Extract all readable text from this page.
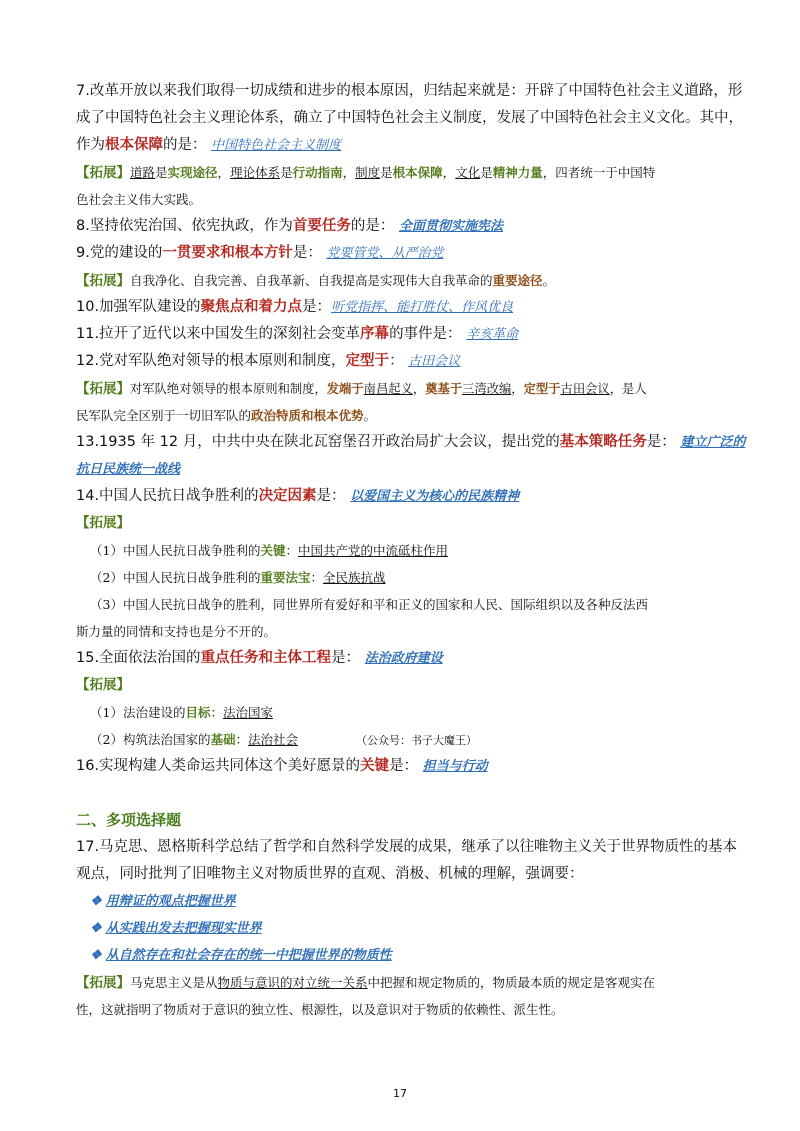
7.改革开放以来我们取得一切成绩和进步的根本原因，归结起来就是：开辟了中国特色社会主义道路，形
成了中国特色社会主义理论体系，确立了中国特色社会主义制度，发展了中国特色社会主义文化。其中，
作为根本保障的是： 中国特色社会主义制度
【拓展】道路是实现途径，理论体系是行动指南，制度是根本保障，文化是精神力量，四者统一于中国特
色社会主义伟大实践。
8.坚持依宪治国、依宪执政，作为首要任务的是： 全面贯彻实施宪法
9.党的建设的一贯要求和根本方针是： 党要管党、从严治党
【拓展】自我净化、自我完善、自我革新、自我提高是实现伟大自我革命的重要途径。
10.加强军队建设的聚焦点和着力点是：听党指挥、能打胜仗、作风优良
11.拉开了近代以来中国发生的深刻社会变革序幕的事件是： 辛亥革命
12.党对军队绝对领导的根本原则和制度，定型于： 古田会议
【拓展】对军队绝对领导的根本原则和制度，发端于南昌起义，奠基于三湾改编，定型于古田会议，是人
民军队完全区别于一切旧军队的政治特质和根本优势。
13.1935 年 12 月，中共中央在陕北瓦窑堡召开政治局扩大会议，提出党的基本策略任务是： 建立广泛的
抗日民族统一战线
14.中国人民抗日战争胜利的决定因素是： 以爱国主义为核心的民族精神
【拓展】
（1）中国人民抗日战争胜利的关键：中国共产党的中流砥柱作用
（2）中国人民抗日战争胜利的重要法宝：全民族抗战
（3）中国人民抗日战争的胜利，同世界所有爱好和平和正义的国家和人民、国际组织以及各种反法西
斯力量的同情和支持也是分不开的。
15.全面依法治国的重点任务和主体工程是： 法治政府建设
【拓展】
（1）法治建设的目标：法治国家
（2）构筑法治国家的基础：法治社会	（公众号：书子大魔王）
16.实现构建人类命运共同体这个美好愿景的关键是： 担当与行动
二、多项选择题
17.马克思、恩格斯科学总结了哲学和自然科学发展的成果，继承了以往唯物主义关于世界物质性的基本
观点，同时批判了旧唯物主义对物质世界的直观、消极、机械的理解，强调要：
❖ 用辩证的观点把握世界
❖ 从实践出发去把握现实世界
❖ 从自然存在和社会存在的统一中把握世界的物质性
【拓展】马克思主义是从物质与意识的对立统一关系中把握和规定物质的，物质最本质的规定是客观实在
性，这就指明了物质对于意识的独立性、根源性，以及意识对于物质的依赖性、派生性。
17
